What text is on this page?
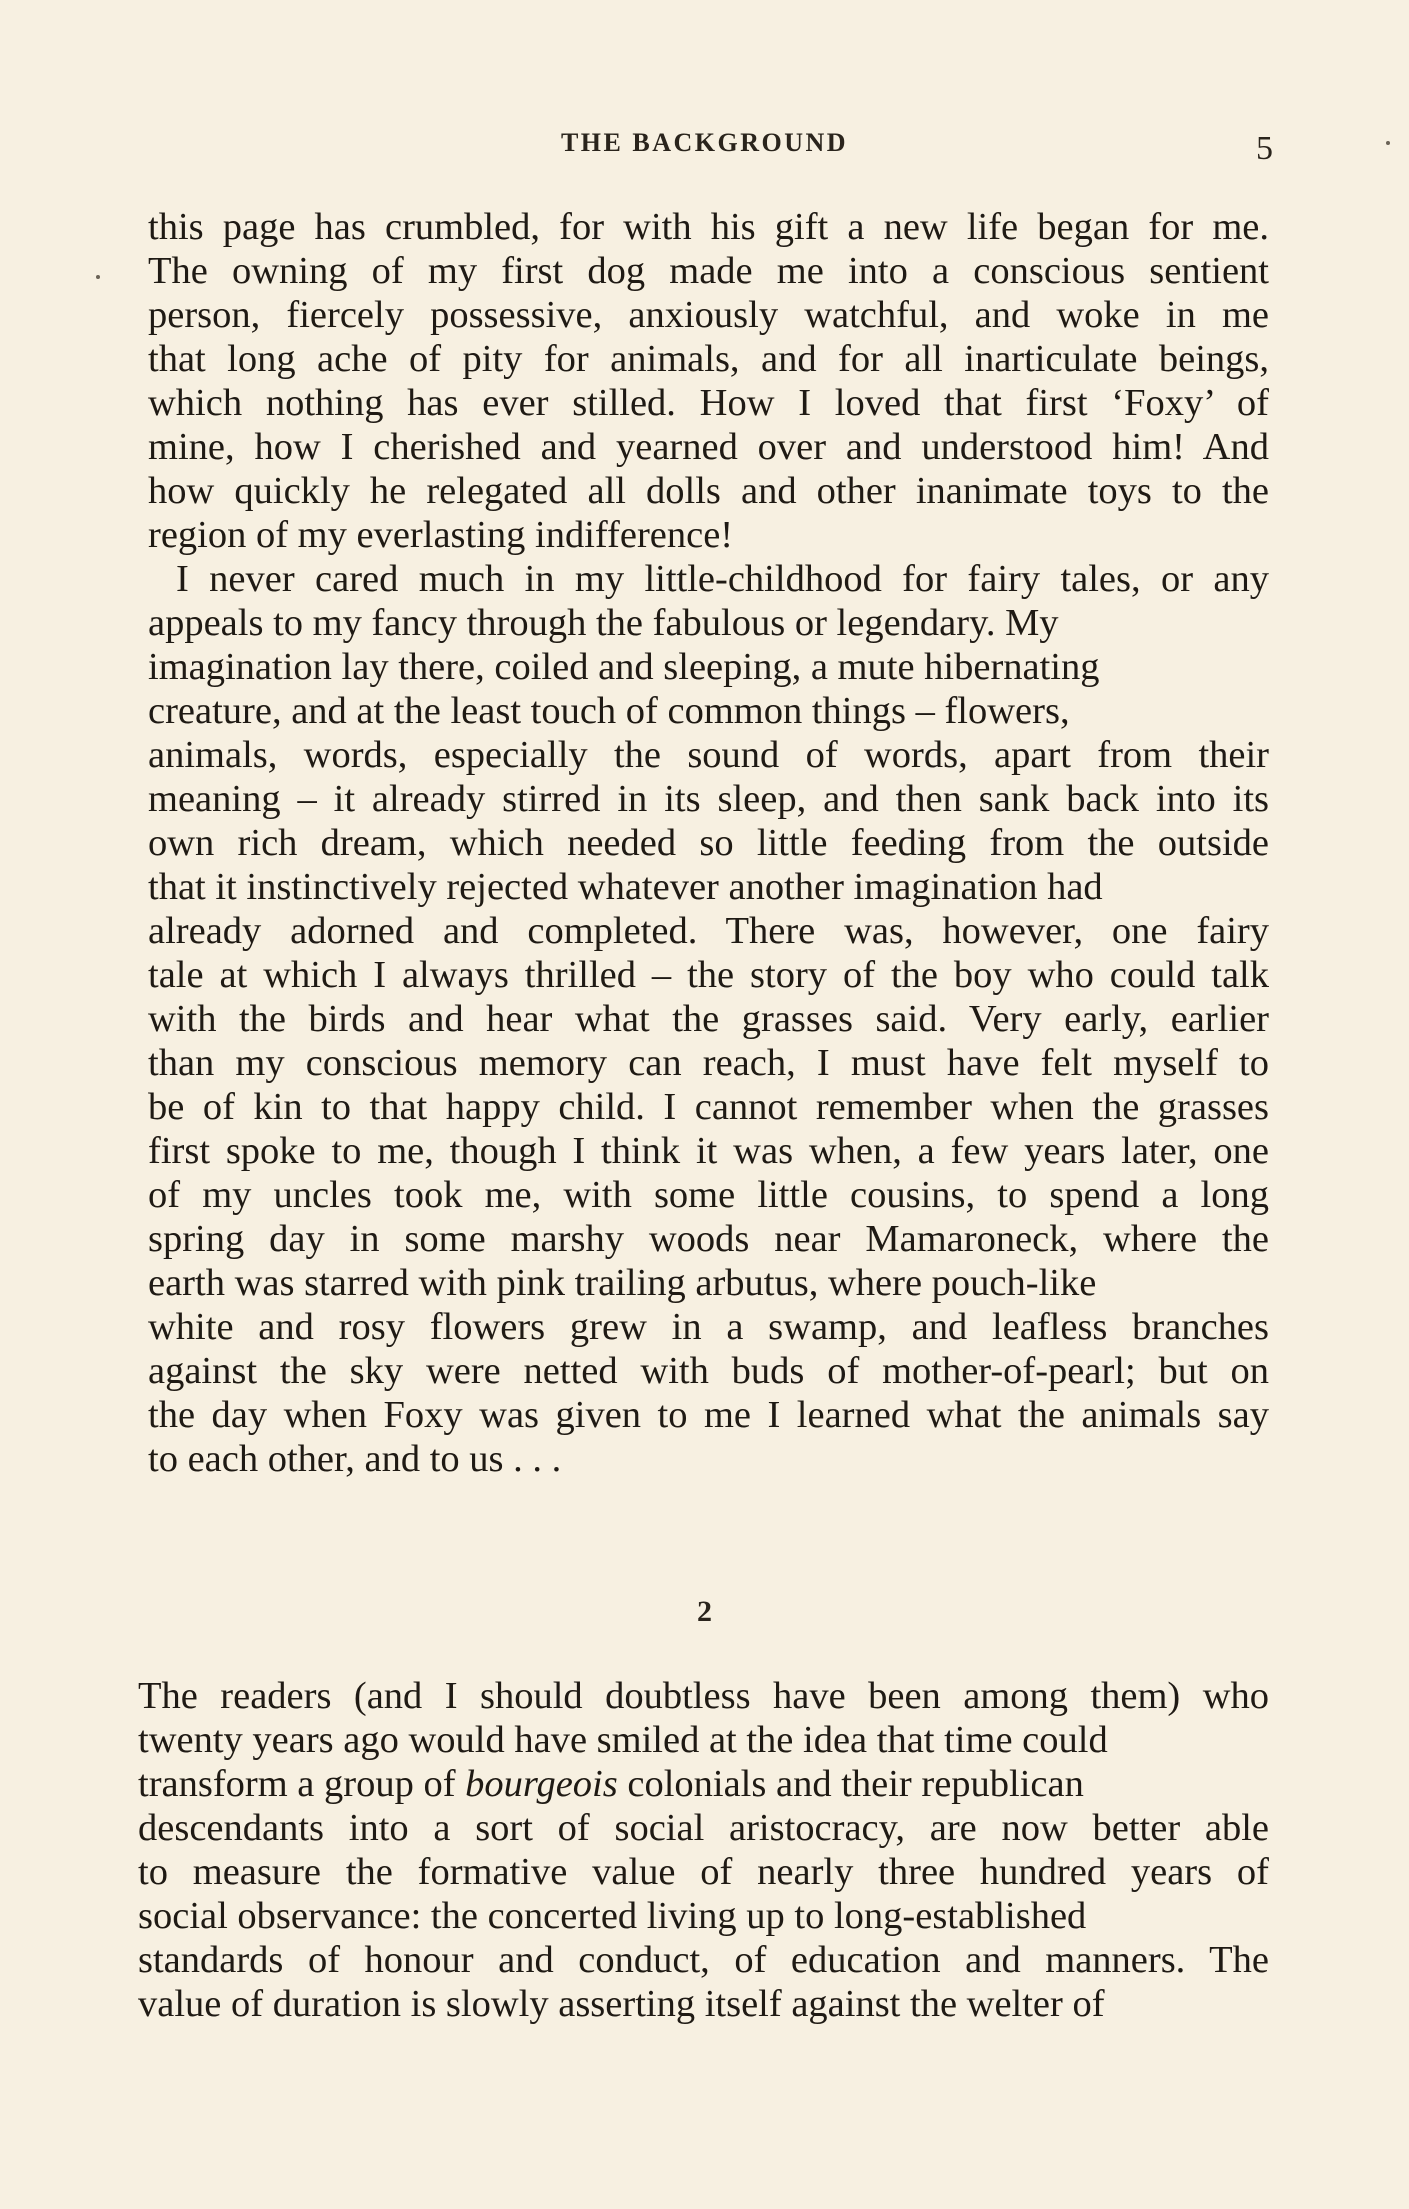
THE BACKGROUND	5
this page has crumbled, for with his gift a new life began for me.
The owning of my first dog made me into a conscious sentient
person, fiercely possessive, anxiously watchful, and woke in me
that long ache of pity for animals, and for all inarticulate beings,
which nothing has ever stilled. How I loved that first ‘Foxy’ of
mine, how I cherished and yearned over and understood him! And
how quickly he relegated all dolls and other inanimate toys to the
region of my everlasting indifference!
I never cared much in my little-childhood for fairy tales, or any
appeals to my fancy through the fabulous or legendary. My
imagination lay there, coiled and sleeping, a mute hibernating
creature, and at the least touch of common things – flowers,
animals, words, especially the sound of words, apart from their
meaning – it already stirred in its sleep, and then sank back into its
own rich dream, which needed so little feeding from the outside
that it instinctively rejected whatever another imagination had
already adorned and completed. There was, however, one fairy
tale at which I always thrilled – the story of the boy who could talk
with the birds and hear what the grasses said. Very early, earlier
than my conscious memory can reach, I must have felt myself to
be of kin to that happy child. I cannot remember when the grasses
first spoke to me, though I think it was when, a few years later, one
of my uncles took me, with some little cousins, to spend a long
spring day in some marshy woods near Mamaroneck, where the
earth was starred with pink trailing arbutus, where pouch-like
white and rosy flowers grew in a swamp, and leafless branches
against the sky were netted with buds of mother-of-pearl; but on
the day when Foxy was given to me I learned what the animals say
to each other, and to us . . .
2
The readers (and I should doubtless have been among them) who
twenty years ago would have smiled at the idea that time could
transform a group of bourgeois colonials and their republican
descendants into a sort of social aristocracy, are now better able
to measure the formative value of nearly three hundred years of
social observance: the concerted living up to long-established
standards of honour and conduct, of education and manners. The
value of duration is slowly asserting itself against the welter of
